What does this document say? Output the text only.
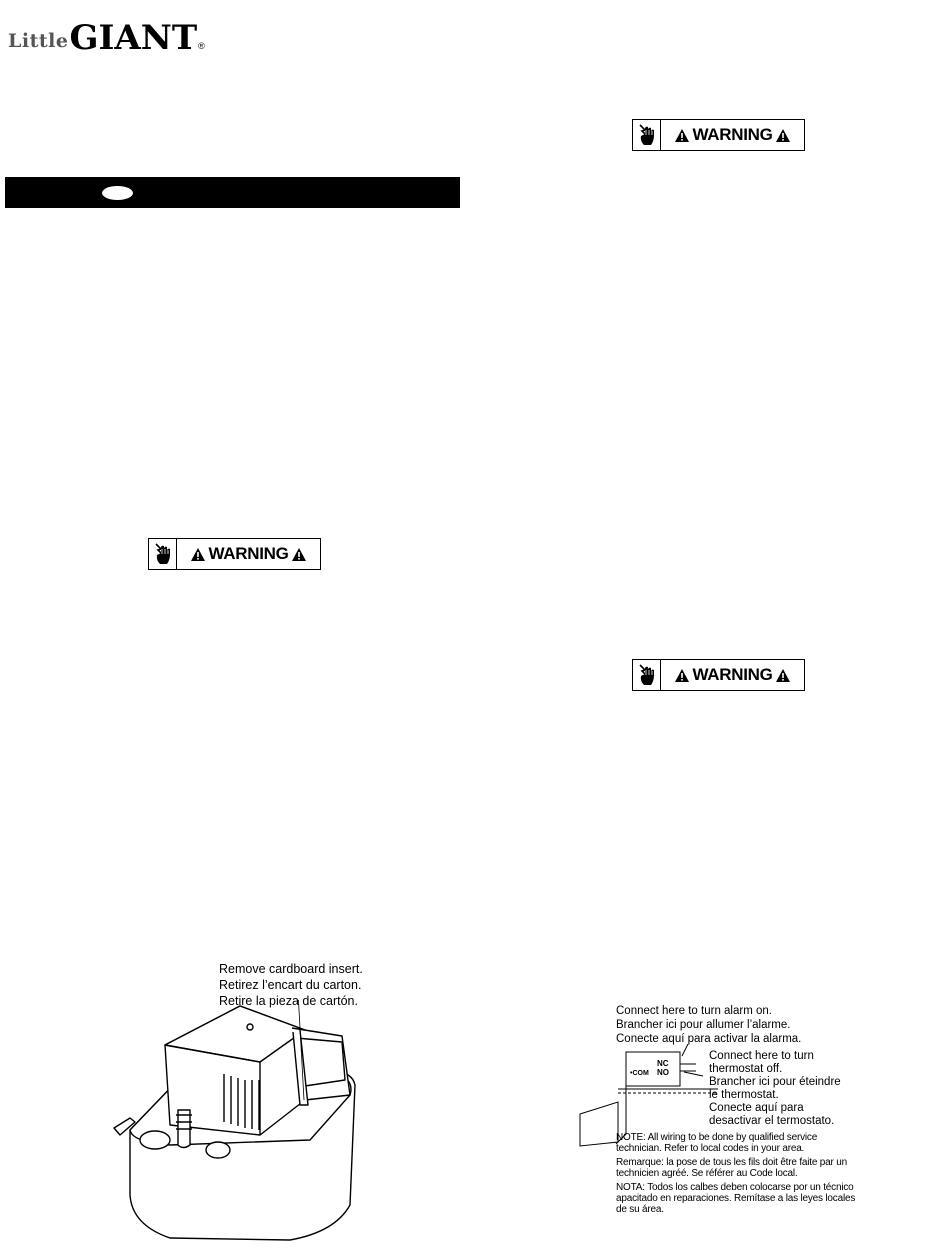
LittleGIANT®
WARNING
WARNING
WARNING
Remove cardboard insert.
Retirez l’encart du carton.
Retire la pieza de cartón.
Connect here to turn alarm on.
Brancher ici pour allumer l’alarme.
Conecte aquí para activar la alarma.
Connect here to turn
thermostat off.
Brancher ici pour éteindre
le thermostat.
Conecte aquí para
desactivar el termostato.
NC
NO
•COM
NOTE: All wiring to be done by qualified service
technician. Refer to local codes in your area.
Remarque: la pose de tous les fils doit être faite par un
technicien agréé. Se référer au Code local.
NOTA: Todos los calbes deben colocarse por un técnico
apacitado en reparaciones. Remítase a las leyes locales
de su área.
